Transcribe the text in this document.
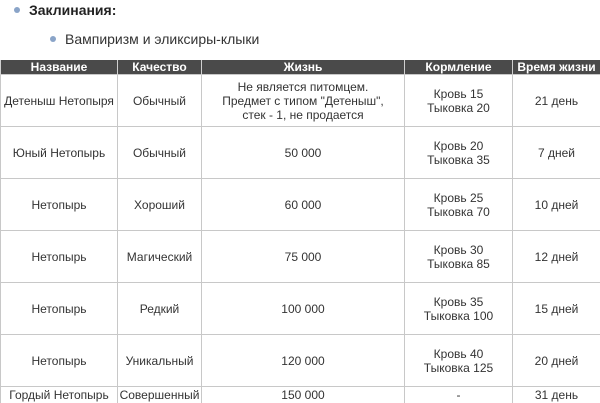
Заклинания:
Вампиризм и эликсиры-клыки
Название	Качество	Жизнь	Кормление	Время жизни
Детеныш Нетопыря	Обычный	Не является питомцем.
Предмет с типом "Детеныш",
стек - 1, не продается	Кровь 15
Тыковка 20	21 день
Юный Нетопырь	Обычный	50 000	Кровь 20
Тыковка 35	7 дней
Нетопырь	Хороший	60 000	Кровь 25
Тыковка 70	10 дней
Нетопырь	Магический	75 000	Кровь 30
Тыковка 85	12 дней
Нетопырь	Редкий	100 000	Кровь 35
Тыковка 100	15 дней
Нетопырь	Уникальный	120 000	Кровь 40
Тыковка 125	20 дней
Гордый Нетопырь	Совершенный	150 000	-	31 день
